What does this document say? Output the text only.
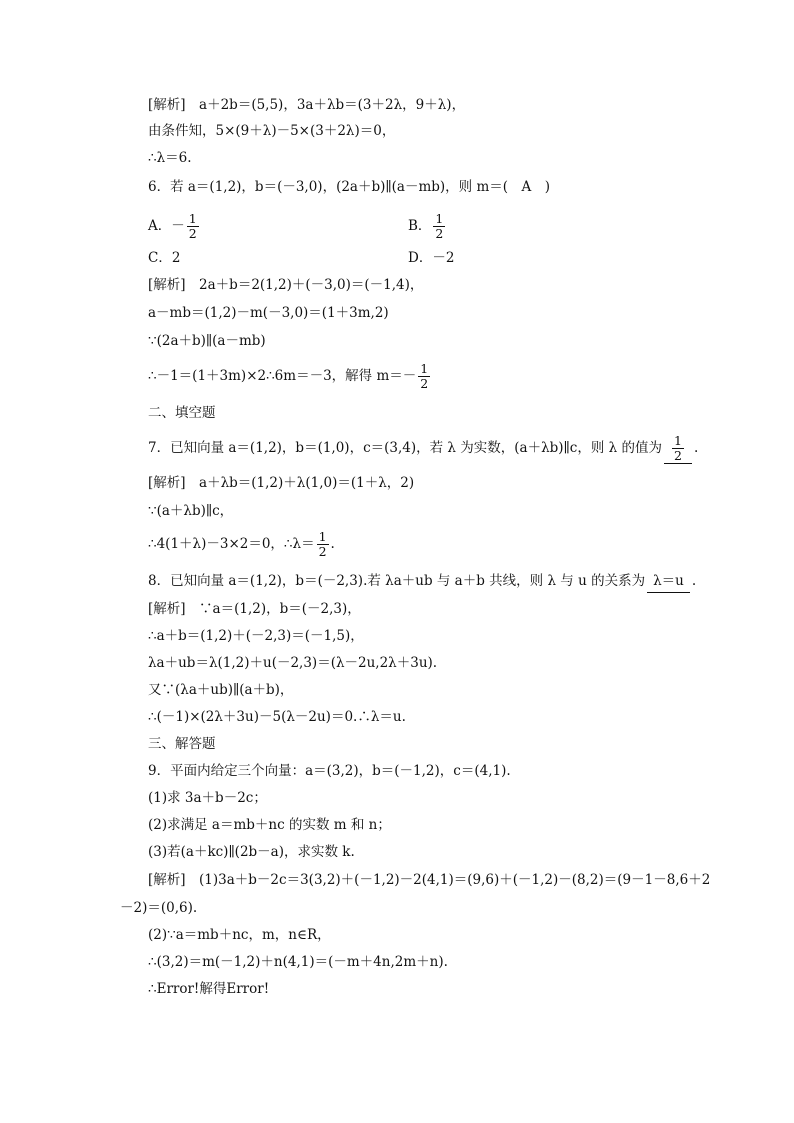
[解析]　a＋2b＝(5,5)，3a＋λb＝(3＋2λ，9＋λ)，
由条件知，5×(9＋λ)－5×(3＋2λ)＝0，
∴λ＝6.
6．若 a＝(1,2)，b＝(－3,0)，(2a＋b)∥(a－mb)，则 m＝(　A　)
A．－ $\frac{1}{2}$	B． $\frac{1}{2}$
C．2	D．－2
[解析]　2a＋b＝2(1,2)＋(－3,0)＝(－1,4)，
a－mb＝(1,2)－m(－3,0)＝(1＋3m,2)
∵(2a＋b)∥(a－mb)
∴－1＝(1＋3m)×2∴6m＝－3，解得 $m=- \frac{1}{2}$
二、填空题
7．已知向量 a＝(1,2)，b＝(1,0)，c＝(3,4)，若 λ 为实数，(a＋λb)∥c，则 λ 的值为 $\frac{1}{2}$ .
[解析]　a＋λb＝(1,2)＋λ(1,0)＝(1＋λ，2)
∵(a＋λb)∥c，
∴4(1＋λ)－3×2＝0，∴λ＝ $\frac{1}{2}$ .
8．已知向量 a＝(1,2)，b＝(－2,3).若 λa＋ub 与 a＋b 共线，则 λ 与 u 的关系为 λ＝u .
[解析]　∵a＝(1,2)，b＝(－2,3)，
∴a＋b＝(1,2)＋(－2,3)＝(－1,5)，
λa＋ub＝λ(1,2)＋u(－2,3)＝(λ－2u,2λ＋3u).
又∵(λa＋ub)∥(a＋b)，
∴(－1)×(2λ＋3u)－5(λ－2u)＝0.∴λ＝u.
三、解答题
9．平面内给定三个向量：a＝(3,2)，b＝(－1,2)，c＝(4,1).
(1)求 3a＋b－2c；
(2)求满足 a＝mb＋nc 的实数 m 和 n；
(3)若(a＋kc)∥(2b－a)，求实数 k.
[解析]　(1)3a＋b－2c＝3(3,2)＋(－1,2)－2(4,1)＝(9,6)＋(－1,2)－(8,2)＝(9－1－8,6＋2
－2)＝(0,6).
(2)∵a＝mb＋nc，m，n∈R，
∴(3,2)＝m(－1,2)＋n(4,1)＝(－m＋4n,2m＋n).
∴Error!解得Error!
